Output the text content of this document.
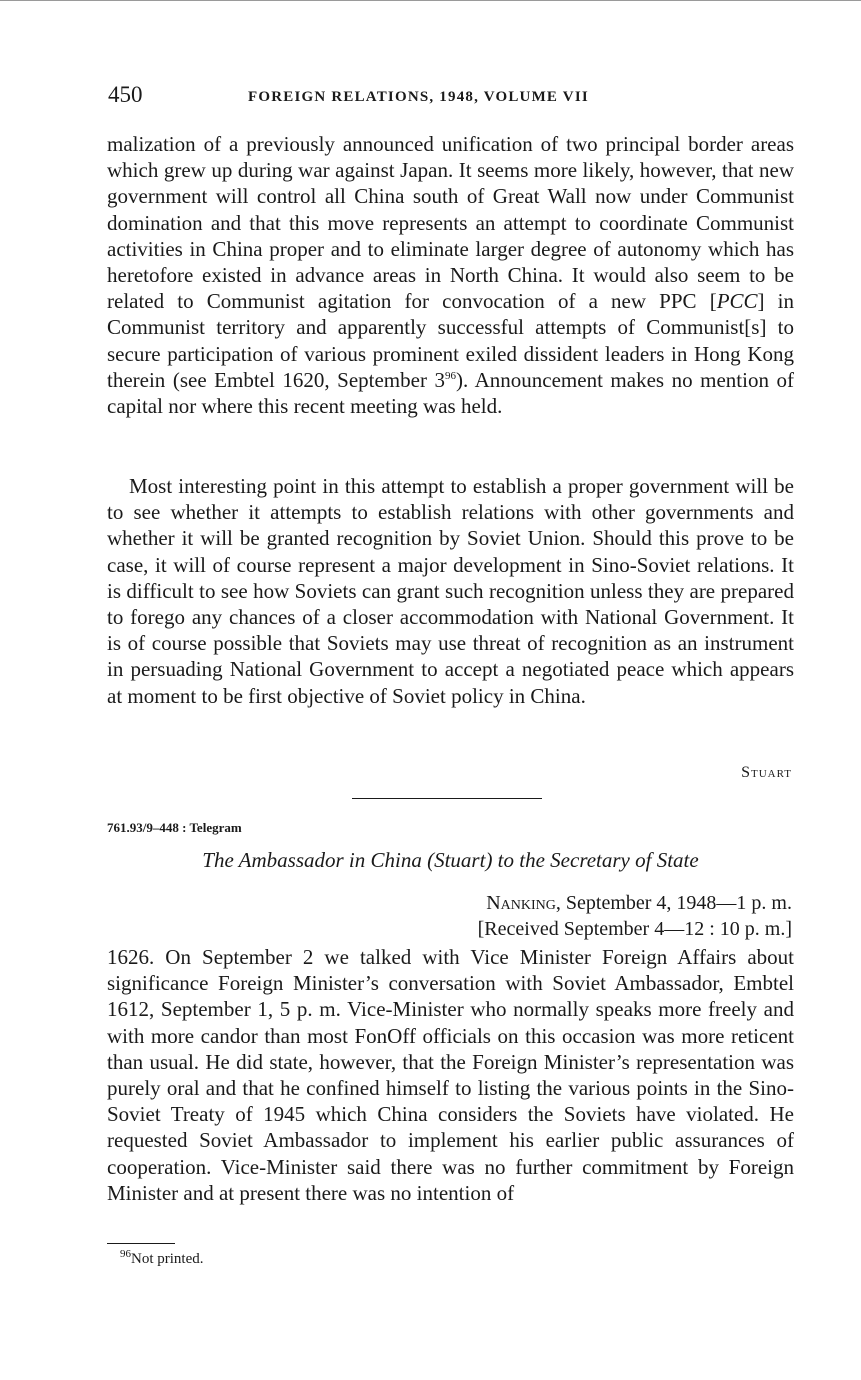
450	FOREIGN RELATIONS, 1948, VOLUME VII
malization of a previously announced unification of two principal border areas which grew up during war against Japan. It seems more likely, however, that new government will control all China south of Great Wall now under Communist domination and that this move represents an attempt to coordinate Communist activities in China proper and to eliminate larger degree of autonomy which has heretofore existed in advance areas in North China. It would also seem to be related to Communist agitation for convocation of a new PPC [PCC] in Communist territory and apparently successful attempts of Communist[s] to secure participation of various prominent exiled dissident leaders in Hong Kong therein (see Embtel 1620, September $3^{96}$). Announcement makes no mention of capital nor where this recent meeting was held.
Most interesting point in this attempt to establish a proper government will be to see whether it attempts to establish relations with other governments and whether it will be granted recognition by Soviet Union. Should this prove to be case, it will of course represent a major development in Sino-Soviet relations. It is difficult to see how Soviets can grant such recognition unless they are prepared to forego any chances of a closer accommodation with National Government. It is of course possible that Soviets may use threat of recognition as an instrument in persuading National Government to accept a negotiated peace which appears at moment to be first objective of Soviet policy in China.
Stuart
761.93/9–448 : Telegram
The Ambassador in China (Stuart) to the Secretary of State
Nanking, September 4, 1948—1 p. m.
[Received September 4—12 : 10 p. m.]
1626. On September 2 we talked with Vice Minister Foreign Affairs about significance Foreign Minister’s conversation with Soviet Ambassador, Embtel 1612, September 1, 5 p. m. Vice-Minister who normally speaks more freely and with more candor than most FonOff officials on this occasion was more reticent than usual. He did state, however, that the Foreign Minister’s representation was purely oral and that he confined himself to listing the various points in the Sino-Soviet Treaty of 1945 which China considers the Soviets have violated. He requested Soviet Ambassador to implement his earlier public assurances of cooperation. Vice-Minister said there was no further commitment by Foreign Minister and at present there was no intention of
$^{96}$Not printed.
